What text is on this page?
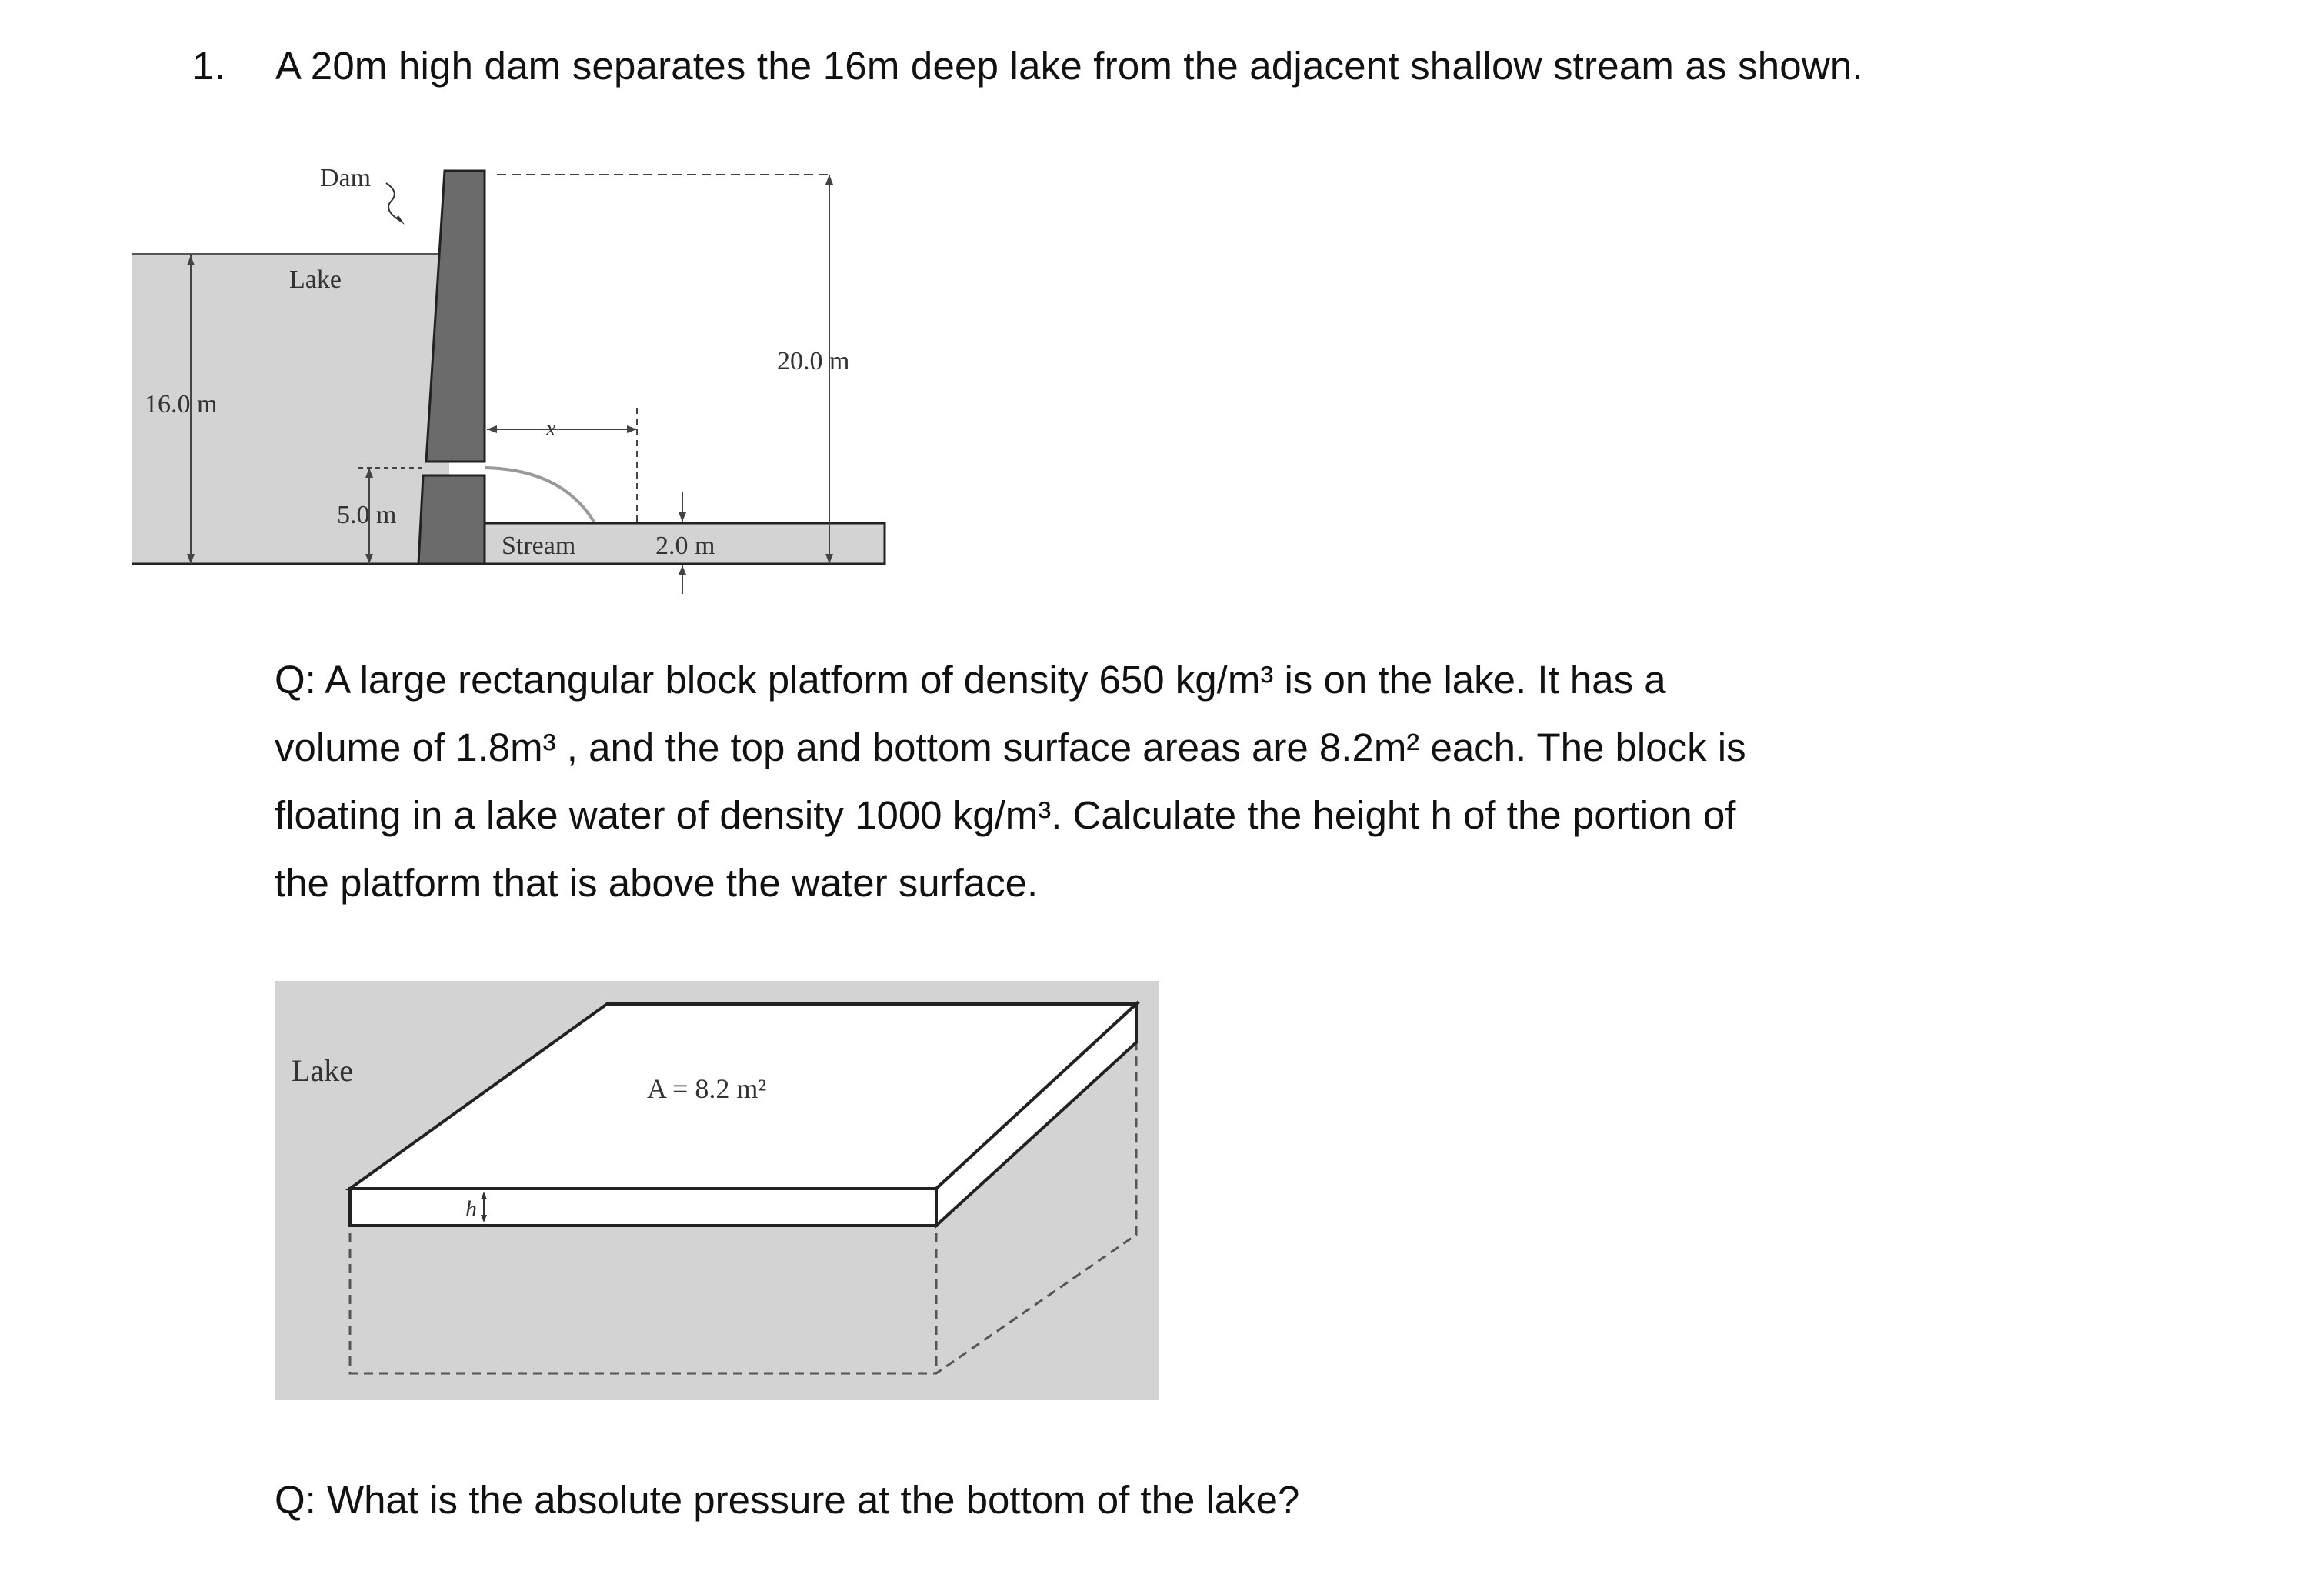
1. A 20m high dam separates the 16m deep lake from the adjacent shallow stream as shown.
Dam
Lake
16.0 m
20.0 m
x
5.0 m
Stream	2.0 m

Q: A large rectangular block platform of density 650 kg/m³ is on the lake. It has a

volume of 1.8m³ , and the top and bottom surface areas are 8.2m² each. The block is

floating in a lake water of density 1000 kg/m³. Calculate the height h of the portion of

the platform that is above the water surface.

Lake
A = 8.2 m²
h
Q: What is the absolute pressure at the bottom of the lake?
